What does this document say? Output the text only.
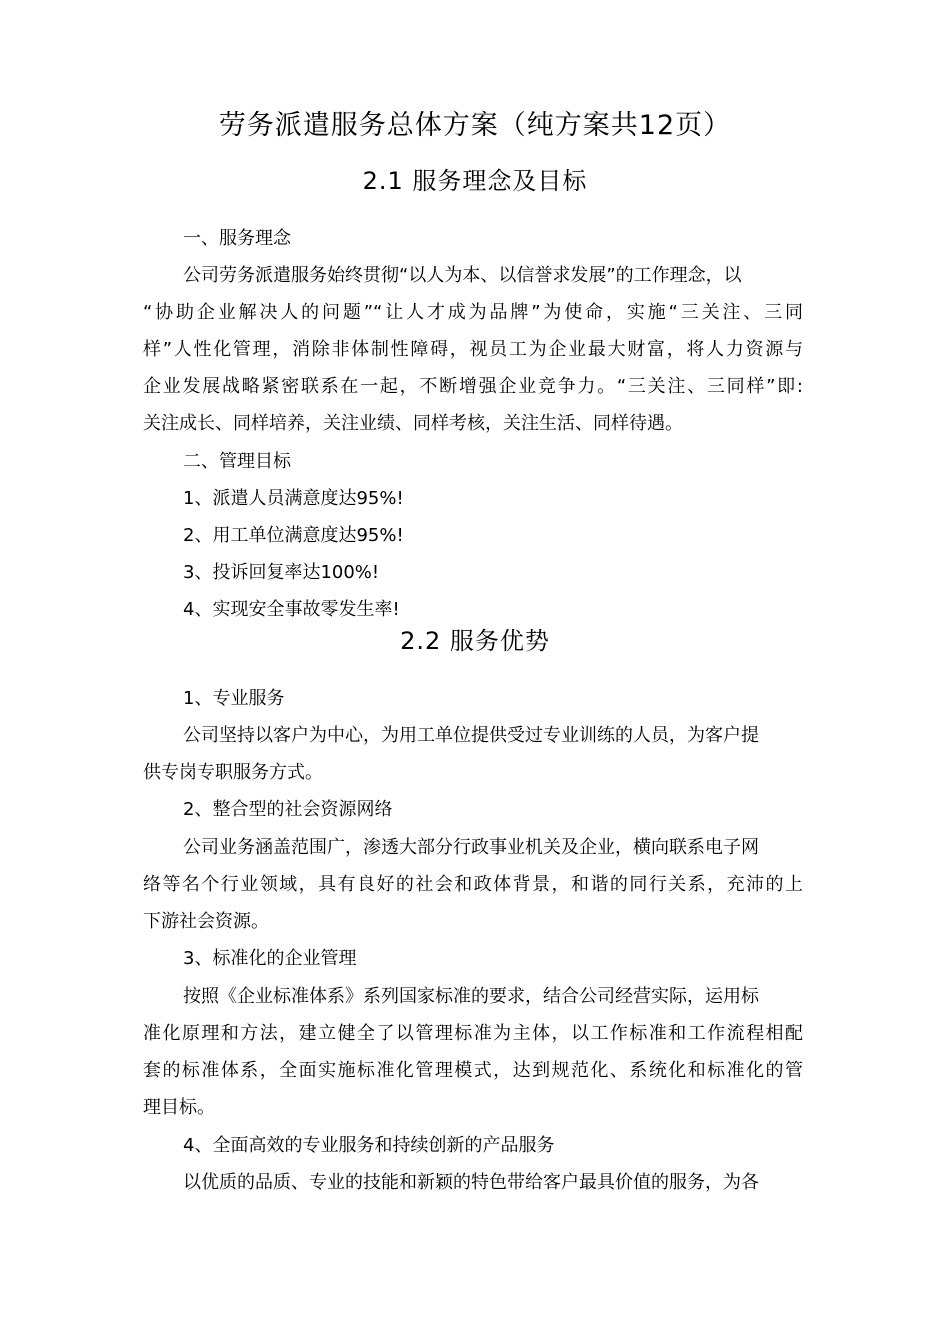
劳务派遣服务总体方案（纯方案共12页）
2.1 服务理念及目标
一、服务理念
公司劳务派遣服务始终贯彻“以人为本、以信誉求发展”的工作理念，以
“协助企业解决人的问题”“让人才成为品牌”为使命，实施“三关注、三同
样”人性化管理，消除非体制性障碍，视员工为企业最大财富，将人力资源与
企业发展战略紧密联系在一起，不断增强企业竞争力。“三关注、三同样”即:
关注成长、同样培养，关注业绩、同样考核，关注生活、同样待遇。
二、管理目标
1、派遣人员满意度达95%!
2、用工单位满意度达95%!
3、投诉回复率达100%!
4、实现安全事故零发生率!
2.2 服务优势
1、专业服务
公司坚持以客户为中心，为用工单位提供受过专业训练的人员，为客户提
供专岗专职服务方式。
2、整合型的社会资源网络
公司业务涵盖范围广，渗透大部分行政事业机关及企业，横向联系电子网
络等名个行业领域，具有良好的社会和政体背景，和谐的同行关系，充沛的上
下游社会资源。
3、标准化的企业管理
按照《企业标准体系》系列国家标准的要求，结合公司经营实际，运用标
准化原理和方法，建立健全了以管理标准为主体，以工作标准和工作流程相配
套的标准体系，全面实施标准化管理模式，达到规范化、系统化和标准化的管
理目标。
4、全面高效的专业服务和持续创新的产品服务
以优质的品质、专业的技能和新颖的特色带给客户最具价值的服务，为各
